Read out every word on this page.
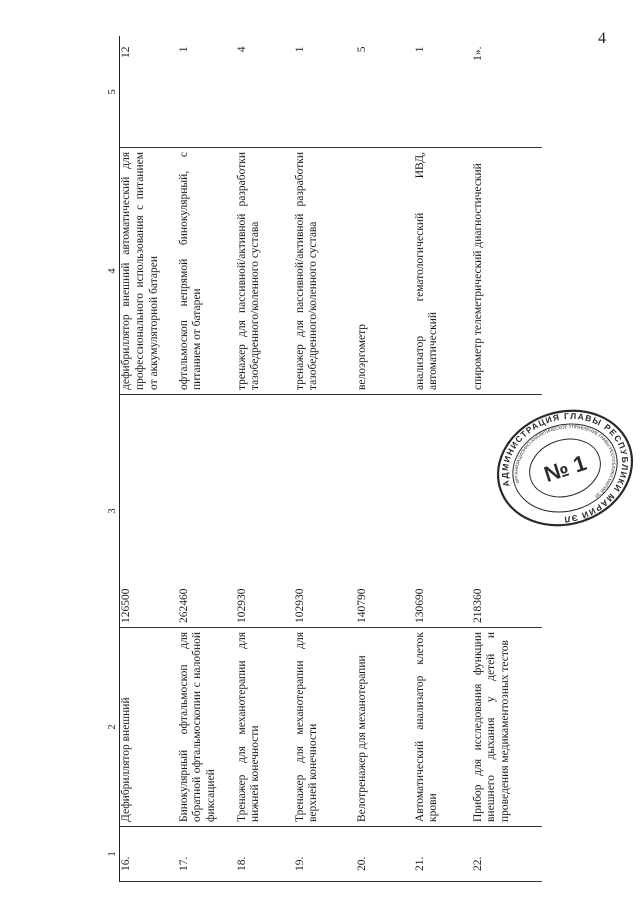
4
1	2	3	4	5
16.	Дефибриллятор внешний	126500	дефибриллятор внешний автоматический для профессионального использования с питанием от аккумуляторной батареи	12
17.	Бинокулярный офтальмоскоп для обратной офтальмоскопии с налобной фиксацией	262460	офтальмоскоп непрямой бинокулярный, с питанием от батареи	1
18.	Тренажер для механотерапии для нижней конечности	102930	тренажер для пассивной/активной разработки тазобедренного/коленного сустава	4
19.	Тренажер для механотерапии для верхней конечности	102930	тренажер для пассивной/активной разработки тазобедренного/коленного сустава	1
20.	Велотренажер для механотерапии	140790	велоэргометр	5
21.	Автоматический анализатор клеток крови	130690	анализатор гематологический ИВД, автоматический	1
22.	Прибор для исследования функции внешнего дыхания у детей и проведения медикаментозных тестов	218360	спирометр телеметрический диагностический	1».
АДМИНИСТРАЦИЯ ГЛАВЫ РЕСПУБЛИКИ МАРИЙ ЭЛ
ОРГАНИЗАЦИОННО-АНАЛИТИЧЕСКОЕ УПРАВЛЕНИЕ ГЛАВЫ РЕСПУБЛИКИ МАРИЙ ЭЛ
№ 1
